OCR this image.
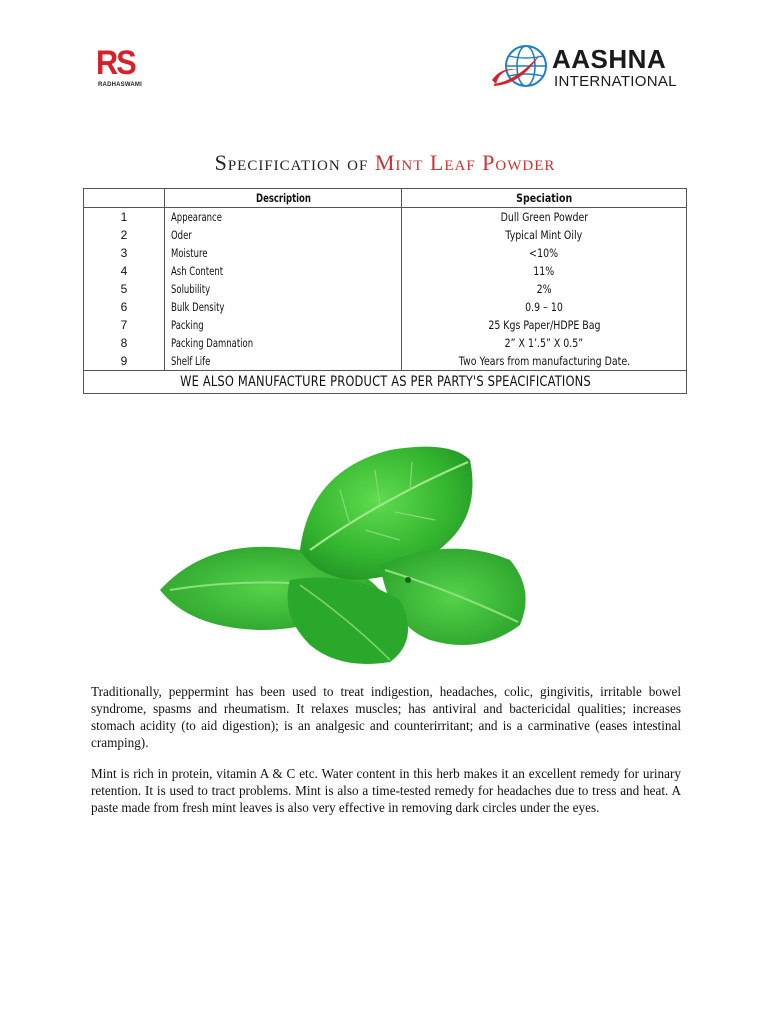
RS
RADHASWAMI
AASHNA
INTERNATIONAL
Specification of Mint Leaf Powder
	Description	Speciation
1	Appearance	Dull Green Powder
2	Oder	Typical Mint Oily
3	Moisture	<10%
4	Ash Content	11%
5	Solubility	2%
6	Bulk Density	0.9 – 10
7	Packing	25 Kgs Paper/HDPE Bag
8	Packing Damnation	2” X 1’.5” X 0.5”
9	Shelf Life	Two Years from manufacturing Date.
WE ALSO MANUFACTURE PRODUCT AS PER PARTY'S SPEACIFICATIONS		
Traditionally, peppermint has been used to treat indigestion, headaches, colic, gingivitis, irritable bowel syndrome, spasms and rheumatism. It relaxes muscles; has antiviral and bactericidal qualities; increases stomach acidity (to aid digestion); is an analgesic and counterirritant; and is a carminative (eases intestinal cramping).
Mint is rich in protein, vitamin A & C etc. Water content in this herb makes it an excellent remedy for urinary retention. It is used to tract problems. Mint is also a time-tested remedy for headaches due to tress and heat. A paste made from fresh mint leaves is also very effective in removing dark circles under the eyes.
